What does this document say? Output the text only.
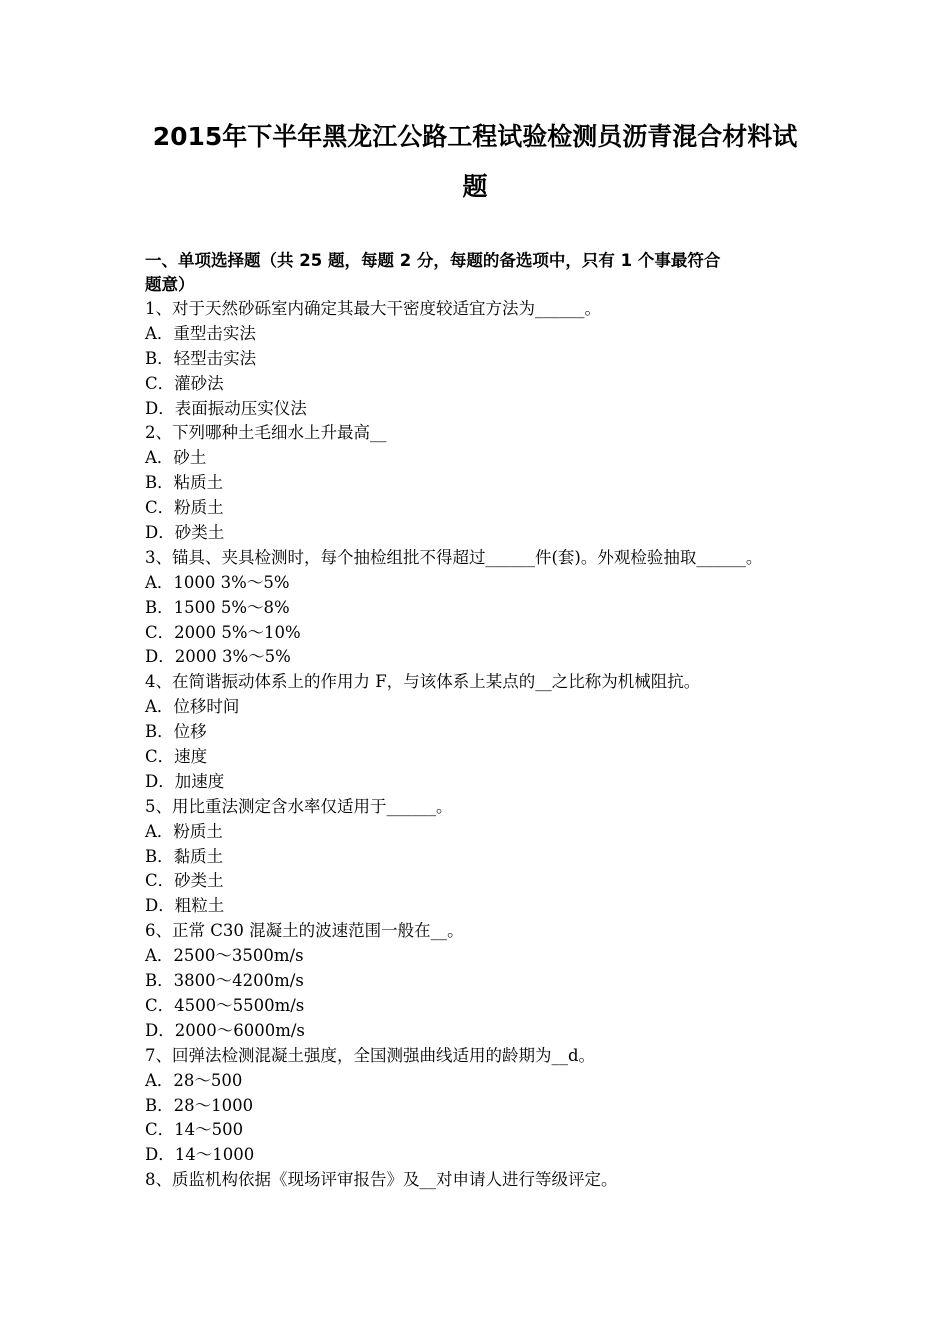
2015年下半年黑龙江公路工程试验检测员沥青混合材料试
题
一、单项选择题（共 25 题，每题 2 分，每题的备选项中，只有 1 个事最符合
题意）
1、对于天然砂砾室内确定其最大干密度较适宜方法为______。
A．重型击实法
B．轻型击实法
C．灌砂法
D．表面振动压实仪法
2、下列哪种土毛细水上升最高__
A．砂土
B．粘质土
C．粉质土
D．砂类土
3、锚具、夹具检测时，每个抽检组批不得超过______件(套)。外观检验抽取______。
A．1000 3%～5%
B．1500 5%～8%
C．2000 5%～10%
D．2000 3%～5%
4、在简谐振动体系上的作用力 F，与该体系上某点的__之比称为机械阻抗。
A．位移时间
B．位移
C．速度
D．加速度
5、用比重法测定含水率仅适用于______。
A．粉质土
B．黏质土
C．砂类土
D．粗粒土
6、正常 C30 混凝土的波速范围一般在__。
A．2500～3500m/s
B．3800～4200m/s
C．4500～5500m/s
D．2000～6000m/s
7、回弹法检测混凝土强度，全国测强曲线适用的龄期为__d。
A．28～500
B．28～1000
C．14～500
D．14～1000
8、质监机构依据《现场评审报告》及__对申请人进行等级评定。
